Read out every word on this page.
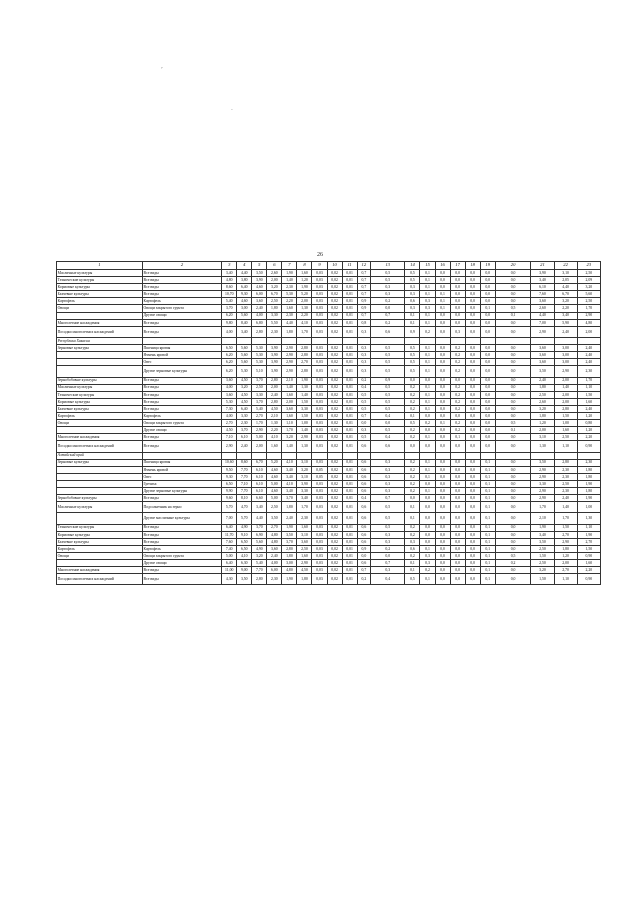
,
.
26
1	2	3	4	5	6	7	8	9	10	11	12	13	14	15	16	17	18	19	20	21	22	23
Масличные культуры	Все виды	3,40	4,40	3,50	2,60	1,90	1,60	0,03	0,02	0,01	0,7	0,5	0,5	0,1	0,0	0,0	0,0	0,0	0,0	3,90	3,10	2,50
Технические культуры	Все виды	4,80	3,80	3,90	2,00	1,40	1,20	0,03	0,02	0,01	0,7	0,5	0,5	0,1	0,0	0,0	0,0	0,0	0,0	3,40	2,05	2,09
Кормовые культуры	Все виды	8,60	6,40	4,60	3,20	2,30	1,90	0,03	0,02	0,01	0,7	0,3	0,3	0,1	0,0	0,0	0,0	0,0	0,0	6,10	4,40	3,20
Бахчевые культуры	Все виды	10,70	9,30	6,00	6,70	5,30	5,20	0,03	0,02	0,01	0,7	0,3	0,3	0,1	0,1	0,0	0,0	0,0	0,0	7,60	6,70	5,60
Картофель	Картофель	5,40	4,60	3,60	2,50	2,20	2,00	0,03	0,02	0,01	0,9	0,2	0,6	0,3	0,1	0,0	0,0	0,0	0,0	3,60	3,20	2,50
Овощи	Овощи закрытого грунта	3,70	3,00	2,40	1,80	1,60	1,30	0,03	0,02	0,01	0,9	0,0	0,3	0,3	0,1	0,0	0,0	0,1	0,5	2,60	2,20	1,70
	Другие овощи	6,20	5,60	4,00	3,30	2,30	2,20	0,03	0,02	0,01	0,7	0,7	0,1	0,1	0,0	0,0	0,0	0,0	0,1	4,40	3,40	2,90
Многолетние насаждения	Все виды	9,80	8,40	6,80	5,50	4,40	4,10	0,03	0,02	0,01	0,8	0,2	0,1	0,1	0,0	0,0	0,0	0,0	0,0	7,00	5,90	4,80
Посадки многолетних насаждений	Все виды	4,00	3,40	2,80	2,30	1,80	1,70	0,03	0,02	0,01	0,3	0,6	0,9	0,2	0,0	0,3	0,0	0,0	0,0	2,90	2,40	2,00
Республика Хакасия																						
Зерновые культуры	Пшеница яровая	6,50	5,60	5,30	3,90	2,90	2,80	0,03	0,02	0,01	0,3	0,5	0,5	0,1	0,0	0,2	0,0	0,0	0,0	3,60	3,00	2,40
	Ячмень яровой	6,20	5,60	5,30	3,90	2,90	2,80	0,03	0,02	0,01	0,3	0,5	0,5	0,1	0,0	0,2	0,0	0,0	0,0	3,60	3,00	2,40
	Овес	6,20	5,60	5,30	3,90	2,90	2,70	0,03	0,02	0,01	0,3	0,5	0,5	0,1	0,0	0,2	0,0	0,0	0,0	3,60	3,00	2,40
	Другие зерновые культуры	6,20	5,30	5,10	3,90	2,90	2,80	0,03	0,02	0,01	0,3	0,5	0,5	0,1	0,0	0,2	0,0	0,0	0,0	3,50	2,90	2,30
Зернобобовые культуры	Все виды	3,60	4,50	3,70	2,80	2,10	1,90	0,03	0,02	0,01	0,2	0,9	0,0	0,0	0,0	0,0	0,0	0,0	0,0	2,40	2,00	1,70
Масличные культуры	Все виды	4,00	3,20	2,50	2,00	1,40	1,30	0,03	0,02	0,01	0,4	0,5	0,2	0,1	0,0	0,2	0,0	0,0	0,0	1,80	1,40	1,10
Технические культуры	Все виды	3,60	4,50	3,30	2,40	1,60	1,40	0,03	0,02	0,01	0,5	0,5	0,2	0,1	0,0	0,2	0,0	0,0	0,0	2,50	2,00	1,50
Кормовые культуры	Все виды	5,30	4,50	3,70	2,80	2,00	1,50	0,03	0,02	0,01	0,5	0,5	0,2	0,1	0,0	0,2	0,0	0,0	0,0	2,60	2,00	1,60
Бахчевые культуры	Все виды	7,30	6,40	5,40	4,50	3,60	3,30	0,03	0,02	0,01	0,5	0,5	0,2	0,1	0,0	0,2	0,0	0,0	0,0	3,20	2,80	2,40
Картофель	Картофель	4,00	3,30	2,70	2,10	1,60	1,50	0,03	0,02	0,01	0,7	0,4	0,1	0,0	0,0	0,0	0,0	0,0	0,0	1,80	1,50	1,20
Овощи	Овощи закрытого грунта	2,70	2,30	1,70	1,30	1,10	1,00	0,03	0,02	0,01	0,0	0,0	0,5	0,2	0,1	0,2	0,0	0,0	0,5	1,20	1,00	0,80
	Другие овощи	4,50	3,70	2,90	2,20	1,70	1,40	0,03	0,02	0,01	0,3	0,5	0,2	0,0	0,0	0,2	0,0	0,0	0,1	2,00	1,60	1,20
Многолетние насаждения	Все виды	7,10	6,10	5,00	4,10	3,20	2,90	0,03	0,02	0,01	0,5	0,4	0,2	0,1	0,0	0,1	0,0	0,0	0,0	3,10	2,50	2,20
Посадки многолетних насаждений	Все виды	2,90	2,40	2,00	1,60	1,40	1,30	0,03	0,02	0,01	0,6	0,6	0,0	0,0	0,0	0,0	0,0	0,0	0,0	1,30	1,10	0,90
Алтайский край																						
Зерновые культуры	Пшеница яровая	10,60	8,60	6,70	5,20	4,10	3,10	0,03	0,02	0,01	0,6	0,3	0,2	0,1	0,0	0,0	0,0	0,1	0,0	3,50	2,80	2,30
	Ячмень яровой	9,50	7,70	6,10	4,60	3,40	3,20	0,05	0,02	0,01	0,6	0,3	0,2	0,1	0,0	0,0	0,0	0,1	0,0	2,90	2,30	1,80
	Овес	9,30	7,70	6,10	4,60	3,40	3,10	0,05	0,02	0,01	0,6	0,3	0,2	0,1	0,0	0,0	0,0	0,1	0,0	2,90	2,30	1,80
	Гречиха	6,50	7,10	6,10	5,00	4,10	3,90	0,03	0,02	0,01	0,6	0,3	0,2	0,0	0,0	0,0	0,0	0,1	0,0	3,30	2,50	1,90
	Другие зерновые культуры	9,90	7,70	6,10	4,60	3,40	3,30	0,03	0,02	0,01	0,6	0,3	0,2	0,1	0,0	0,0	0,0	0,1	0,0	2,90	2,30	1,80
Зернобобовые культуры	Все виды	9,60	8,10	6,60	5,00	3,70	3,40	0,03	0,02	0,01	0,4	0,7	0,0	0,0	0,0	0,0	0,0	0,1	0,0	2,90	2,40	1,90
Масличные культуры	Подсолнечник на зерно	5,70	4,70	3,40	2,50	1,80	1,70	0,03	0,02	0,01	0,6	0,5	0,1	0,0	0,0	0,0	0,0	0,1	0,0	1,70	1,40	1,00
	Другие масличные культуры	7,00	5,70	4,40	3,50	2,40	2,30	0,03	0,02	0,01	0,6	0,5	0,1	0,0	0,0	0,0	0,0	0,1	0,0	2,10	1,70	1,30
Технические культуры	Все виды	6,40	4,90	3,70	2,70	1,90	1,60	0,03	0,02	0,01	0,6	0,5	0,2	0,0	0,0	0,0	0,0	0,1	0,0	1,90	1,50	1,10
Кормовые культуры	Все виды	11,70	9,10	6,90	4,80	3,50	3,10	0,03	0,02	0,01	0,6	0,3	0,2	0,0	0,0	0,0	0,0	0,1	0,0	3,40	2,70	1,90
Бахчевые культуры	Все виды	7,60	6,50	5,60	4,80	3,70	3,60	0,03	0,02	0,01	0,6	0,3	0,3	0,0	0,0	0,0	0,0	0,1	0,0	3,50	2,90	2,70
Картофель	Картофель	7,40	6,50	4,90	3,60	2,80	2,50	0,03	0,02	0,01	0,9	0,2	0,6	0,1	0,0	0,0	0,0	0,1	0,0	2,50	1,80	1,50
Овощи	Овощи закрытого грунта	5,00	4,10	3,20	2,40	1,80	1,60	0,03	0,02	0,01	0,0	0,0	0,2	0,3	0,0	0,0	0,0	0,1	0,5	1,50	1,20	0,90
	Другие овощи	6,40	6,30	5,40	4,00	3,00	2,90	0,03	0,02	0,01	0,6	0,7	0,1	0,3	0,0	0,0	0,0	0,1	0,2	2,50	2,00	1,60
Многолетние насаждения	Все виды	11,00	9,00	7,70	6,00	4,80	4,50	0,03	0,02	0,01	0,7	0,3	0,1	0,2	0,0	0,0	0,0	0,1	0,0	3,20	2,70	2,20
Посадки многолетних насаждений	Все виды	4,30	3,50	2,80	2,30	1,90	1,80	0,03	0,02	0,01	0,2	0,4	0,5	0,1	0,0	0,0	0,0	0,1	0,0	1,50	1,10	0,90
